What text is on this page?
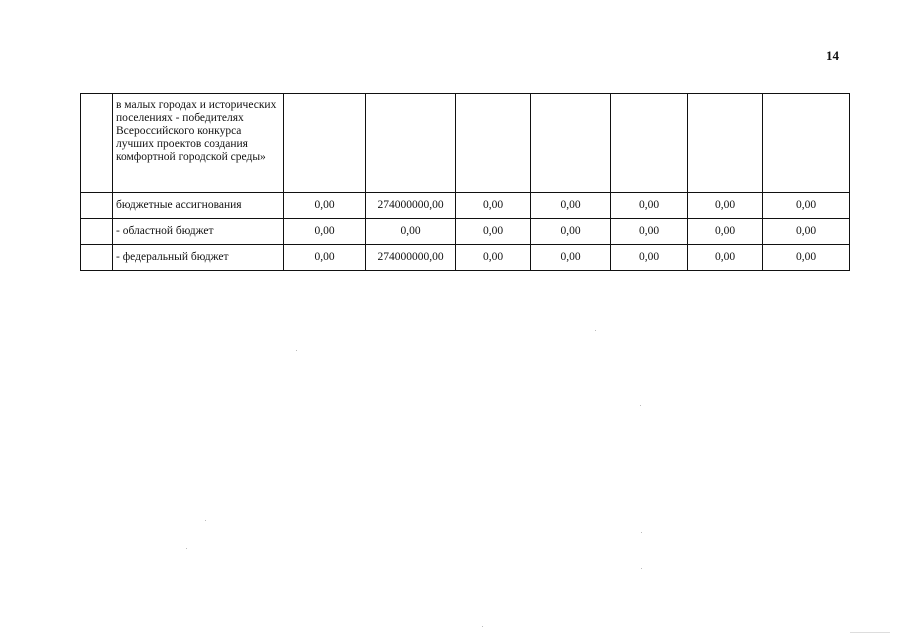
14
	в малых городах и исторических поселениях - победителях Всероссийского конкурса лучших проектов создания комфортной городской среды»							
	бюджетные ассигнования	0,00	274000000,00	0,00	0,00	0,00	0,00	0,00
	- областной бюджет	0,00	0,00	0,00	0,00	0,00	0,00	0,00
	- федеральный бюджет	0,00	274000000,00	0,00	0,00	0,00	0,00	0,00
